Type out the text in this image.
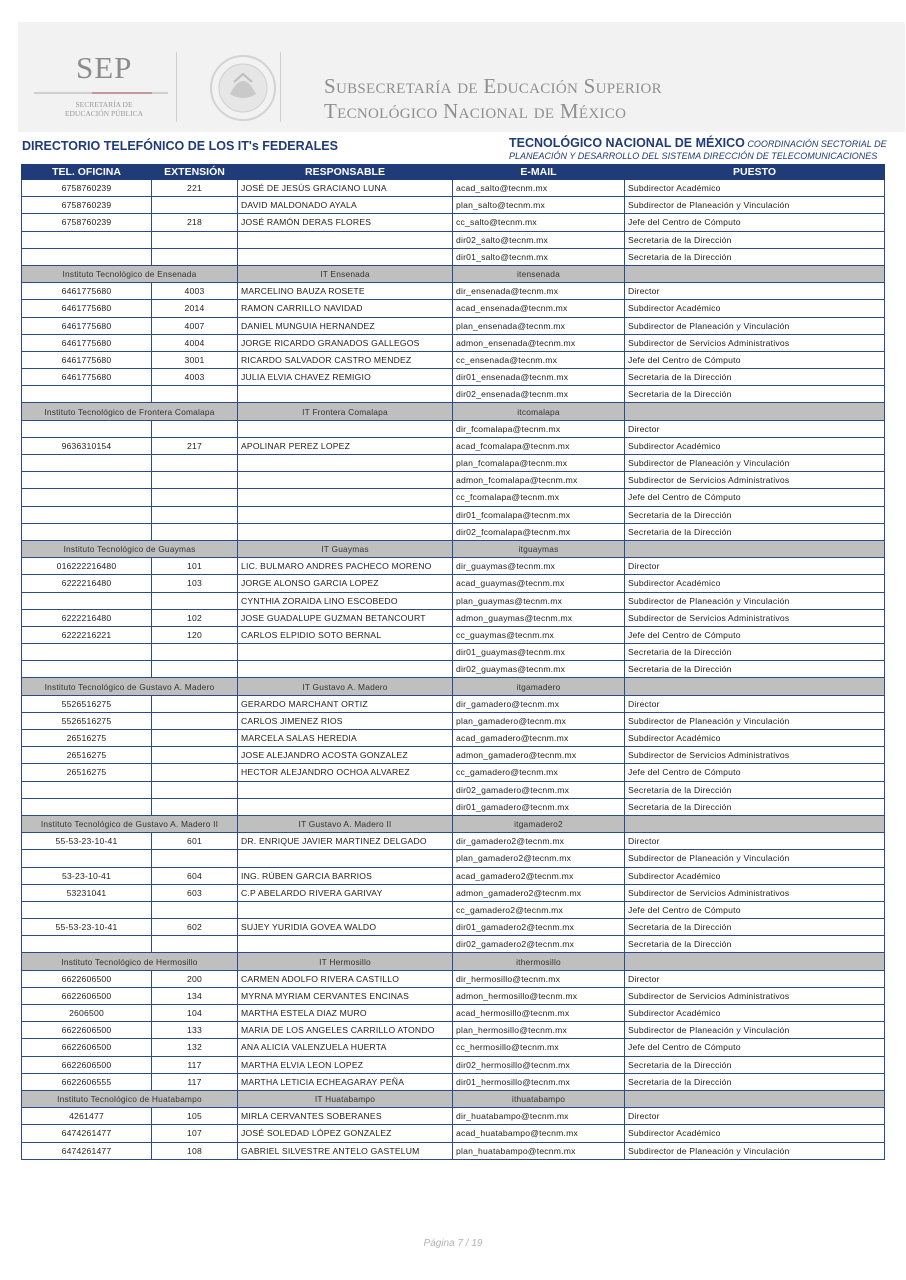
SEP
SECRETARÍA DE
EDUCACIÓN PÚBLICA
Subsecretaría de Educación Superior
Tecnológico Nacional de México
DIRECTORIO TELEFÓNICO DE LOS IT's FEDERALES	TECNOLÓGICO NACIONAL DE MÉXICO COORDINACIÓN SECTORIAL DE
PLANEACIÓN Y DESARROLLO DEL SISTEMA DIRECCIÓN DE TELECOMUNICACIONES
TEL. OFICINA	EXTENSIÓN	RESPONSABLE	E-MAIL	PUESTO
6758760239	221	JOSÉ DE JESÚS GRACIANO LUNA	acad_salto@tecnm.mx	Subdirector Académico
6758760239		DAVID MALDONADO AYALA	plan_salto@tecnm.mx	Subdirector de Planeación y Vinculación
6758760239	218	JOSÉ RAMÓN DERAS FLORES	cc_salto@tecnm.mx	Jefe del Centro de Cómputo
			dir02_salto@tecnm.mx	Secretaria de la Dirección
			dir01_salto@tecnm.mx	Secretaria de la Dirección
Instituto Tecnológico de Ensenada		IT Ensenada	itensenada	
6461775680	4003	MARCELINO BAUZA ROSETE	dir_ensenada@tecnm.mx	Director
6461775680	2014	RAMON CARRILLO NAVIDAD	acad_ensenada@tecnm.mx	Subdirector Académico
6461775680	4007	DANIEL MUNGUIA HERNANDEZ	plan_ensenada@tecnm.mx	Subdirector de Planeación y Vinculación
6461775680	4004	JORGE RICARDO GRANADOS GALLEGOS	admon_ensenada@tecnm.mx	Subdirector de Servicios Administrativos
6461775680	3001	RICARDO SALVADOR CASTRO MENDEZ	cc_ensenada@tecnm.mx	Jefe del Centro de Cómputo
6461775680	4003	JULIA ELVIA CHAVEZ REMIGIO	dir01_ensenada@tecnm.mx	Secretaria de la Dirección
			dir02_ensenada@tecnm.mx	Secretaria de la Dirección
Instituto Tecnológico de Frontera Comalapa		IT Frontera Comalapa	itcomalapa	
			dir_fcomalapa@tecnm.mx	Director
9636310154	217	APOLINAR PEREZ LOPEZ	acad_fcomalapa@tecnm.mx	Subdirector Académico
			plan_fcomalapa@tecnm.mx	Subdirector de Planeación y Vinculación
			admon_fcomalapa@tecnm.mx	Subdirector de Servicios Administrativos
			cc_fcomalapa@tecnm.mx	Jefe del Centro de Cómputo
			dir01_fcomalapa@tecnm.mx	Secretaria de la Dirección
			dir02_fcomalapa@tecnm.mx	Secretaria de la Dirección
Instituto Tecnológico de Guaymas		IT Guaymas	itguaymas	
016222216480	101	LIC. BULMARO ANDRES PACHECO MORENO	dir_guaymas@tecnm.mx	Director
6222216480	103	JORGE ALONSO GARCIA LOPEZ	acad_guaymas@tecnm.mx	Subdirector Académico
		CYNTHIA ZORAIDA LINO ESCOBEDO	plan_guaymas@tecnm.mx	Subdirector de Planeación y Vinculación
6222216480	102	JOSE GUADALUPE GUZMAN BETANCOURT	admon_guaymas@tecnm.mx	Subdirector de Servicios Administrativos
6222216221	120	CARLOS ELPIDIO SOTO BERNAL	cc_guaymas@tecnm.mx	Jefe del Centro de Cómputo
			dir01_guaymas@tecnm.mx	Secretaria de la Dirección
			dir02_guaymas@tecnm.mx	Secretaria de la Dirección
Instituto Tecnológico de Gustavo A. Madero		IT Gustavo A. Madero	itgamadero	
5526516275		GERARDO MARCHANT ORTIZ	dir_gamadero@tecnm.mx	Director
5526516275		CARLOS JIMENEZ RIOS	plan_gamadero@tecnm.mx	Subdirector de Planeación y Vinculación
26516275		MARCELA SALAS HEREDIA	acad_gamadero@tecnm.mx	Subdirector Académico
26516275		JOSE ALEJANDRO ACOSTA GONZALEZ	admon_gamadero@tecnm.mx	Subdirector de Servicios Administrativos
26516275		HECTOR ALEJANDRO OCHOA ALVAREZ	cc_gamadero@tecnm.mx	Jefe del Centro de Cómputo
			dir02_gamadero@tecnm.mx	Secretaria de la Dirección
			dir01_gamadero@tecnm.mx	Secretaria de la Dirección
Instituto Tecnológico de Gustavo A. Madero II		IT Gustavo A. Madero II	itgamadero2	
55-53-23-10-41	601	DR. ENRIQUE JAVIER MARTINEZ DELGADO	dir_gamadero2@tecnm.mx	Director
			plan_gamadero2@tecnm.mx	Subdirector de Planeación y Vinculación
53-23-10-41	604	ING. RÚBEN GARCIA BARRIOS	acad_gamadero2@tecnm.mx	Subdirector Académico
53231041	603	C.P ABELARDO RIVERA GARIVAY	admon_gamadero2@tecnm.mx	Subdirector de Servicios Administrativos
			cc_gamadero2@tecnm.mx	Jefe del Centro de Cómputo
55-53-23-10-41	602	SUJEY YURIDIA GOVEA WALDO	dir01_gamadero2@tecnm.mx	Secretaria de la Dirección
			dir02_gamadero2@tecnm.mx	Secretaria de la Dirección
Instituto Tecnológico de Hermosillo		IT Hermosillo	ithermosillo	
6622606500	200	CARMEN ADOLFO RIVERA CASTILLO	dir_hermosillo@tecnm.mx	Director
6622606500	134	MYRNA MYRIAM CERVANTES ENCINAS	admon_hermosillo@tecnm.mx	Subdirector de Servicios Administrativos
2606500	104	MARTHA ESTELA DIAZ MURO	acad_hermosillo@tecnm.mx	Subdirector Académico
6622606500	133	MARIA DE LOS ANGELES CARRILLO ATONDO	plan_hermosillo@tecnm.mx	Subdirector de Planeación y Vinculación
6622606500	132	ANA ALICIA VALENZUELA HUERTA	cc_hermosillo@tecnm.mx	Jefe del Centro de Cómputo
6622606500	117	MARTHA ELVIA LEON LOPEZ	dir02_hermosillo@tecnm.mx	Secretaria de la Dirección
6622606555	117	MARTHA LETICIA ECHEAGARAY PEÑA	dir01_hermosillo@tecnm.mx	Secretaria de la Dirección
Instituto Tecnológico de Huatabampo		IT Huatabampo	ithuatabampo	
4261477	105	MIRLA CERVANTES SOBERANES	dir_huatabampo@tecnm.mx	Director
6474261477	107	JOSÉ SOLEDAD LÓPEZ GONZALEZ	acad_huatabampo@tecnm.mx	Subdirector Académico
6474261477	108	GABRIEL SILVESTRE ANTELO GASTELUM	plan_huatabampo@tecnm.mx	Subdirector de Planeación y Vinculación
Página 7 / 19
